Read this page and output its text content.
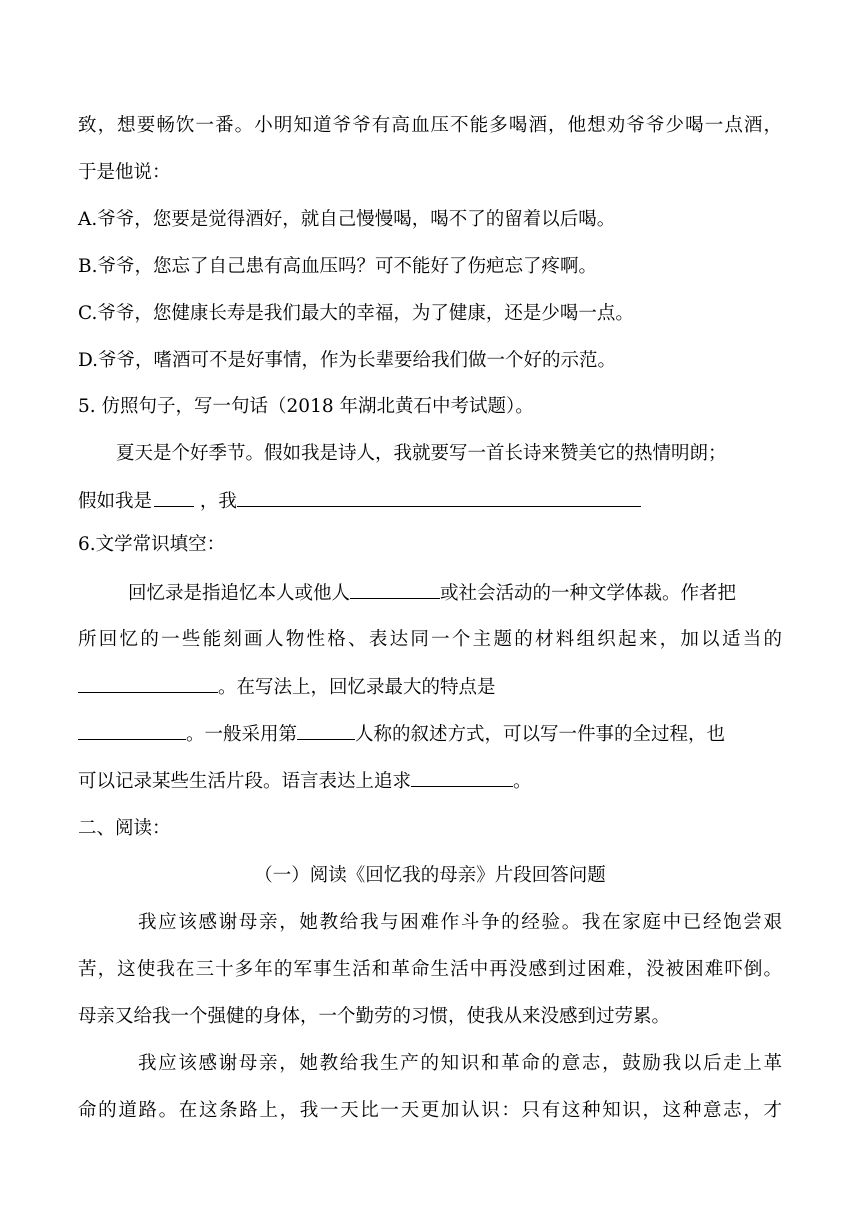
致，想要畅饮一番。小明知道爷爷有高血压不能多喝酒，他想劝爷爷少喝一点酒，
于是他说：
A.爷爷，您要是觉得酒好，就自己慢慢喝，喝不了的留着以后喝。
B.爷爷，您忘了自己患有高血压吗？可不能好了伤疤忘了疼啊。
C.爷爷，您健康长寿是我们最大的幸福，为了健康，还是少喝一点。
D.爷爷，嗜酒可不是好事情，作为长辈要给我们做一个好的示范。
5. 仿照句子，写一句话（2018 年湖北黄石中考试题）。
夏天是个好季节。假如我是诗人，我就要写一首长诗来赞美它的热情明朗；
假如我是	，我
6.文学常识填空：
回忆录是指追忆本人或他人	或社会活动的一种文学体裁。作者把
所回忆的一些能刻画人物性格、表达同一个主题的材料组织起来，加以适当的
。在写法上，回忆录最大的特点是
。一般采用第	人称的叙述方式，可以写一件事的全过程，也
可以记录某些生活片段。语言表达上追求	。
二、阅读：
（一）阅读《回忆我的母亲》片段回答问题
我应该感谢母亲，她教给我与困难作斗争的经验。我在家庭中已经饱尝艰
苦，这使我在三十多年的军事生活和革命生活中再没感到过困难，没被困难吓倒。
母亲又给我一个强健的身体，一个勤劳的习惯，使我从来没感到过劳累。
我应该感谢母亲，她教给我生产的知识和革命的意志，鼓励我以后走上革
命的道路。在这条路上，我一天比一天更加认识：只有这种知识，这种意志，才
